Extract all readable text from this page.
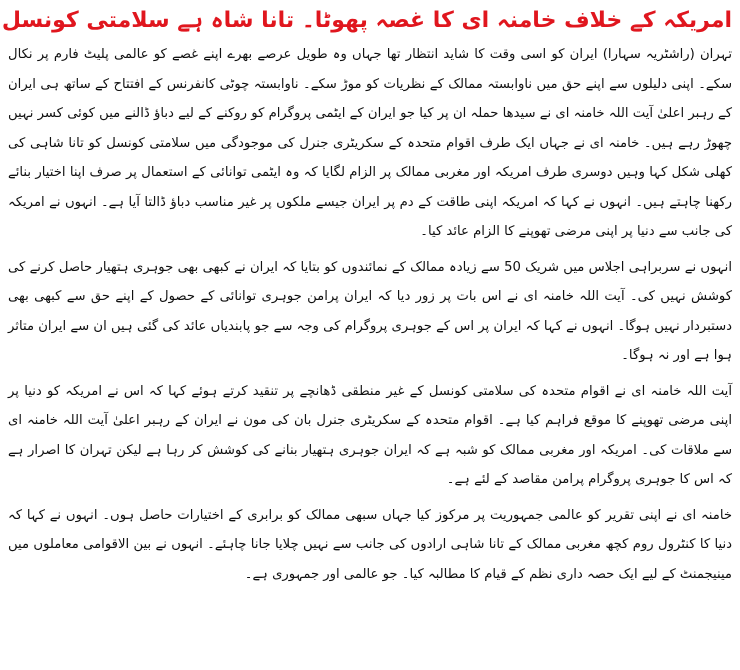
امریکہ کے خلاف خامنہ ای کا غصہ پھوٹا۔ تانا شاہ ہے سلامتی کونسل

تہران (راشٹریہ سہارا) ایران کو اسی وقت کا شاید انتظار تھا جہاں وہ طویل عرصے بھرے اپنے غصے کو عالمی پلیٹ فارم پر نکال سکے۔ اپنی دلیلوں سے اپنے حق میں ناوابستہ ممالک کے نظریات کو موڑ سکے۔ ناوابستہ چوٹی کانفرنس کے افتتاح کے ساتھ ہی ایران کے رہبر اعلیٰ آیت اللہ خامنہ ای نے سیدھا حملہ ان پر کیا جو ایران کے ایٹمی پروگرام کو روکنے کے لیے دباؤ ڈالنے میں کوئی کسر نہیں چھوڑ رہے ہیں۔ خامنہ ای نے جہاں ایک طرف اقوام متحدہ کے سکریٹری جنرل کی موجودگی میں سلامتی کونسل کو تانا شاہی کی کھلی شکل کہا وہیں دوسری طرف امریکہ اور مغربی ممالک پر الزام لگایا کہ وہ ایٹمی توانائی کے استعمال پر صرف اپنا اختیار بنائے رکھنا چاہتے ہیں۔ انہوں نے کہا کہ امریکہ اپنی طاقت کے دم پر ایران جیسے ملکوں پر غیر مناسب دباؤ ڈالتا آیا ہے۔ انہوں نے امریکہ کی جانب سے دنیا پر اپنی مرضی تھوپنے کا الزام عائد کیا۔

انہوں نے سربراہی اجلاس میں شریک 50 سے زیادہ ممالک کے نمائندوں کو بتایا کہ ایران نے کبھی بھی جوہری ہتھیار حاصل کرنے کی کوشش نہیں کی۔ آیت اللہ خامنہ ای نے اس بات پر زور دیا کہ ایران پرامن جوہری توانائی کے حصول کے اپنے حق سے کبھی بھی دستبردار نہیں ہوگا۔ انہوں نے کہا کہ ایران پر اس کے جوہری پروگرام کی وجہ سے جو پابندیاں عائد کی گئی ہیں ان سے ایران متاثر ہوا ہے اور نہ ہوگا۔

آیت اللہ خامنہ ای نے اقوام متحدہ کی سلامتی کونسل کے غیر منطقی ڈھانچے پر تنقید کرتے ہوئے کہا کہ اس نے امریکہ کو دنیا پر اپنی مرضی تھوپنے کا موقع فراہم کیا ہے۔ اقوام متحدہ کے سکریٹری جنرل بان کی مون نے ایران کے رہبر اعلیٰ آیت اللہ خامنہ ای سے ملاقات کی۔ امریکہ اور مغربی ممالک کو شبہ ہے کہ ایران جوہری ہتھیار بنانے کی کوشش کر رہا ہے لیکن تہران کا اصرار ہے کہ اس کا جوہری پروگرام پرامن مقاصد کے لئے ہے۔

خامنہ ای نے اپنی تقریر کو عالمی جمہوریت پر مرکوز کیا جہاں سبھی ممالک کو برابری کے اختیارات حاصل ہوں۔ انہوں نے کہا کہ دنیا کا کنٹرول روم کچھ مغربی ممالک کے تانا شاہی ارادوں کی جانب سے نہیں چلایا جانا چاہئے۔ انہوں نے بین الاقوامی معاملوں میں مینیجمنٹ کے لیے ایک حصہ داری نظم کے قیام کا مطالبہ کیا۔ جو عالمی اور جمہوری ہے۔
